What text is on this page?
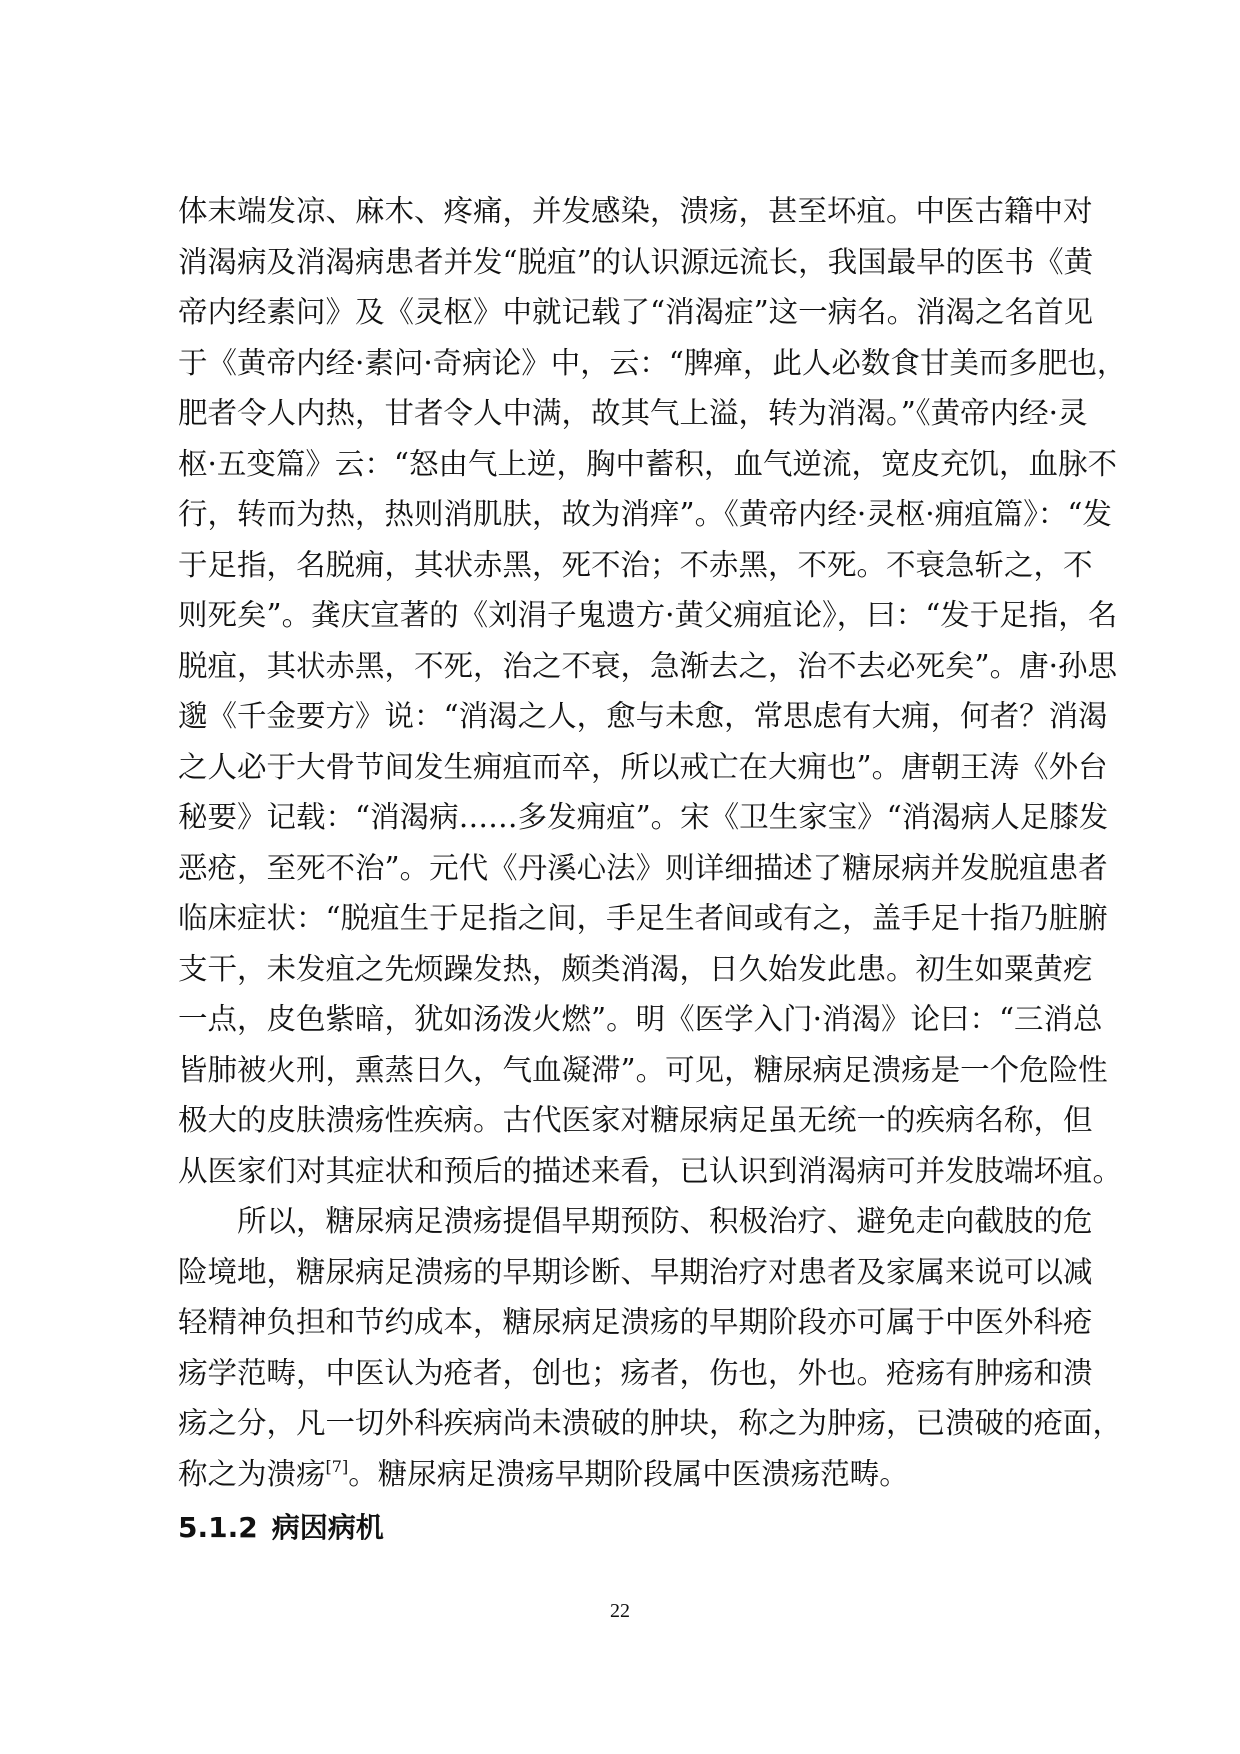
体末端发凉、麻木、疼痛，并发感染，溃疡，甚至坏疽。中医古籍中对
消渴病及消渴病患者并发“脱疽”的认识源远流长，我国最早的医书《黄
帝内经素问》及《灵枢》中就记载了“消渴症”这一病名。消渴之名首见
于《黄帝内经·素问·奇病论》中，云：“脾瘅，此人必数食甘美而多肥也，
肥者令人内热，甘者令人中满，故其气上溢，转为消渴。”《黄帝内经·灵
枢·五变篇》云：“怒由气上逆，胸中蓄积，血气逆流，宽皮充饥，血脉不
行，转而为热，热则消肌肤，故为消痒”。《黄帝内经·灵枢·痈疽篇》：“发
于足指，名脱痈，其状赤黑，死不治；不赤黑，不死。不衰急斩之，不
则死矣”。龚庆宣著的《刘涓子鬼遗方·黄父痈疽论》，曰：“发于足指，名
脱疽，其状赤黑，不死，治之不衰，急渐去之，治不去必死矣”。唐·孙思
邈《千金要方》说：“消渴之人，愈与未愈，常思虑有大痈，何者？消渴
之人必于大骨节间发生痈疽而卒，所以戒亡在大痈也”。唐朝王涛《外台
秘要》记载：“消渴病……多发痈疽”。宋《卫生家宝》“消渴病人足膝发
恶疮，至死不治”。元代《丹溪心法》则详细描述了糖尿病并发脱疽患者
临床症状：“脱疽生于足指之间，手足生者间或有之，盖手足十指乃脏腑
支干，未发疽之先烦躁发热，颇类消渴，日久始发此患。初生如粟黄疙
一点，皮色紫暗，犹如汤泼火燃”。明《医学入门·消渴》论曰：“三消总
皆肺被火刑，熏蒸日久，气血凝滞”。可见，糖尿病足溃疡是一个危险性
极大的皮肤溃疡性疾病。古代医家对糖尿病足虽无统一的疾病名称，但
从医家们对其症状和预后的描述来看，已认识到消渴病可并发肢端坏疽。
所以，糖尿病足溃疡提倡早期预防、积极治疗、避免走向截肢的危
险境地，糖尿病足溃疡的早期诊断、早期治疗对患者及家属来说可以减
轻精神负担和节约成本，糖尿病足溃疡的早期阶段亦可属于中医外科疮
疡学范畴，中医认为疮者，创也；疡者，伤也，外也。疮疡有肿疡和溃
疡之分，凡一切外科疾病尚未溃破的肿块，称之为肿疡，已溃破的疮面，
称之为溃疡[7]。糖尿病足溃疡早期阶段属中医溃疡范畴。
5.1.2 病因病机
22
